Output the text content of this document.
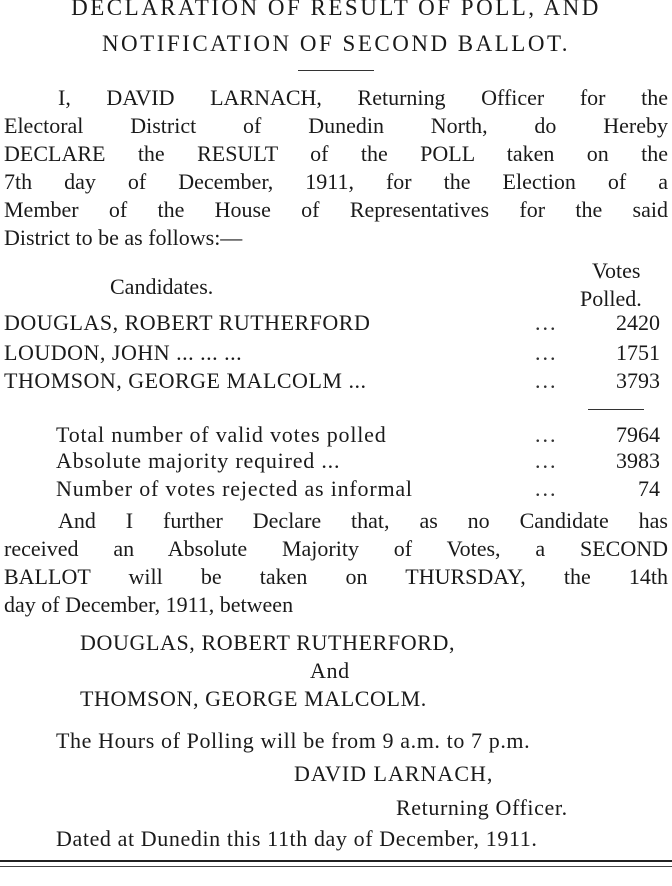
DECLARATION OF RESULT OF POLL, AND
NOTIFICATION OF SECOND BALLOT.
I, DAVID LARNACH, Returning Officer for the
Electoral District of Dunedin North, do Hereby
DECLARE the RESULT of the POLL taken on the
7th day of December, 1911, for the Election of a
Member of the House of Representatives for the said
District to be as follows:—
Candidates.
Votes
Polled.
DOUGLAS, ROBERT RUTHERFORD	...	2420
LOUDON, JOHN ... ... ...	...	1751
THOMSON, GEORGE MALCOLM ...	...	3793
Total number of valid votes polled	...	7964
Absolute majority required ...	...	3983
Number of votes rejected as informal	...	74
And I further Declare that, as no Candidate has
received an Absolute Majority of Votes, a SECOND
BALLOT will be taken on THURSDAY, the 14th
day of December, 1911, between
DOUGLAS, ROBERT RUTHERFORD,
And
THOMSON, GEORGE MALCOLM.
The Hours of Polling will be from 9 a.m. to 7 p.m.
DAVID LARNACH,
Returning Officer.
Dated at Dunedin this 11th day of December, 1911.
